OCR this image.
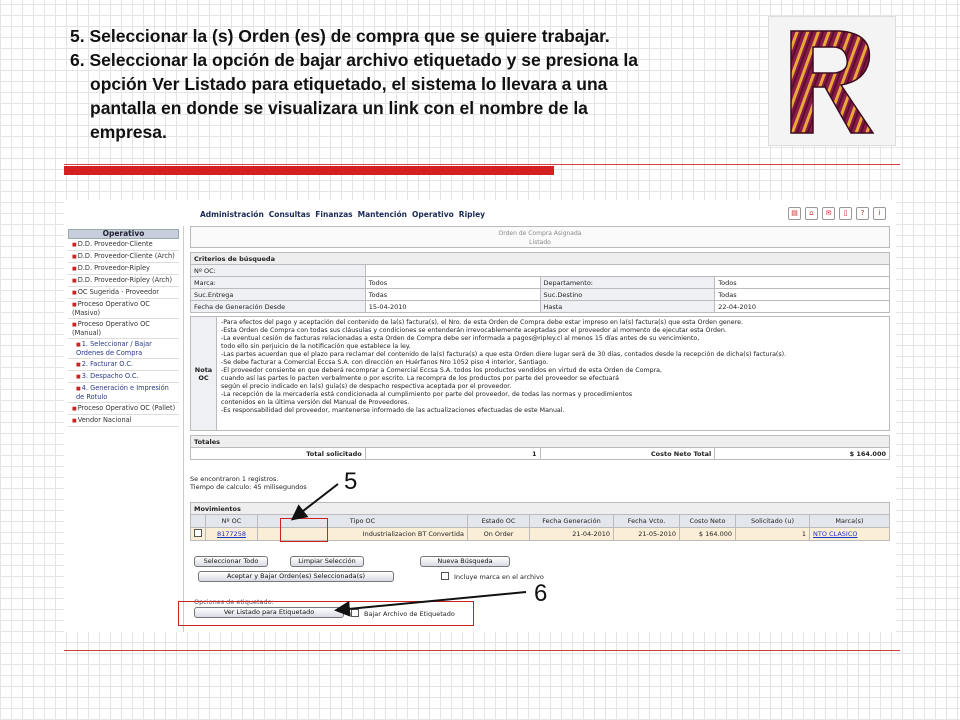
5. Seleccionar la (s) Orden (es) de compra que se quiere trabajar.
6. Seleccionar la opción de bajar archivo etiquetado y se presiona la
opción Ver Listado para etiquetado, el sistema lo llevara a una
pantalla en donde se visualizara un link con el nombre de la
empresa.
Administración Consultas Finanzas Mantención Operativo Ripley	▤	⌂	✉	▯	?	i
Operativo
■ D.D. Proveedor-Cliente
■ D.D. Proveedor-Cliente (Arch)
■ D.D. Proveedor-Ripley
■ D.D. Proveedor-Ripley (Arch)
■ OC Sugerida - Proveedor
■ Proceso Operativo OC (Masivo)
■ Proceso Operativo OC (Manual)
■ 1. Seleccionar / Bajar Ordenes de Compra
■ 2. Facturar O.C.
■ 3. Despacho O.C.
■ 4. Generación e Impresión de Rotulo
■ Proceso Operativo OC (Pallet)
■ Vendor Nacional
Orden de Compra Asignada
Listado
Criterios de búsqueda			
Nº OC:			
Marca:	Todos	Departamento:	Todos
Suc.Entrega	Todas	Suc.Destino	Todas
Fecha de Generación Desde	15-04-2010	Hasta	22-04-2010
Nota OC
-Para efectos del pago y aceptación del contenido de la(s) factura(s), el Nro. de esta Orden de Compra debe estar impreso en la(s) factura(s) que esta Orden genere.
-Esta Orden de Compra con todas sus cláusulas y condiciones se entenderán irrevocablemente aceptadas por el proveedor al momento de ejecutar esta Orden.
-La eventual cesión de facturas relacionadas a esta Orden de Compra debe ser informada a pagos@ripley.cl al menos 15 días antes de su vencimiento,
todo ello sin perjuicio de la notificación que establece la ley.
-Las partes acuerdan que el plazo para reclamar del contenido de la(s) factura(s) a que esta Orden diere lugar será de 30 días, contados desde la recepción de dicha(s) factura(s).
-Se debe facturar a Comercial Eccsa S.A. con dirección en Huérfanos Nro 1052 piso 4 interior, Santiago.
-El proveedor consiente en que deberá recomprar a Comercial Eccsa S.A. todos los productos vendidos en virtud de esta Orden de Compra,
cuando así las partes lo pacten verbalmente o por escrito. La recompra de los productos por parte del proveedor se efectuará
según el precio indicado en la(s) guía(s) de despacho respectiva aceptada por el proveedor.
-La recepción de la mercadería está condicionada al cumplimiento por parte del proveedor, de todas las normas y procedimientos
contenidos en la última versión del Manual de Proveedores.
-Es responsabilidad del proveedor, mantenerse informado de las actualizaciones efectuadas de este Manual.
Totales
Total solicitado	1	Costo Neto Total	$ 164.000
Se encontraron 1 registros.
Tiempo de calculo: 45 milisegundos
Movimientos								
	Nº OC	Tipo OC	Estado OC	Fecha Generación	Fecha Vcto.	Costo Neto	Solicitado (u)	Marca(s)
	8177258	Industrializacion BT Convertida	On Order	21-04-2010	21-05-2010	$ 164.000	1	NTO CLASICO
Seleccionar Todo	Limpiar Selección	Nueva Búsqueda
Aceptar y Bajar Orden(es) Seleccionada(s)	Incluye marca en el archivo
Opciones de etiquetado:
Ver Listado para Etiquetado	Bajar Archivo de Etiquetado
5
6
